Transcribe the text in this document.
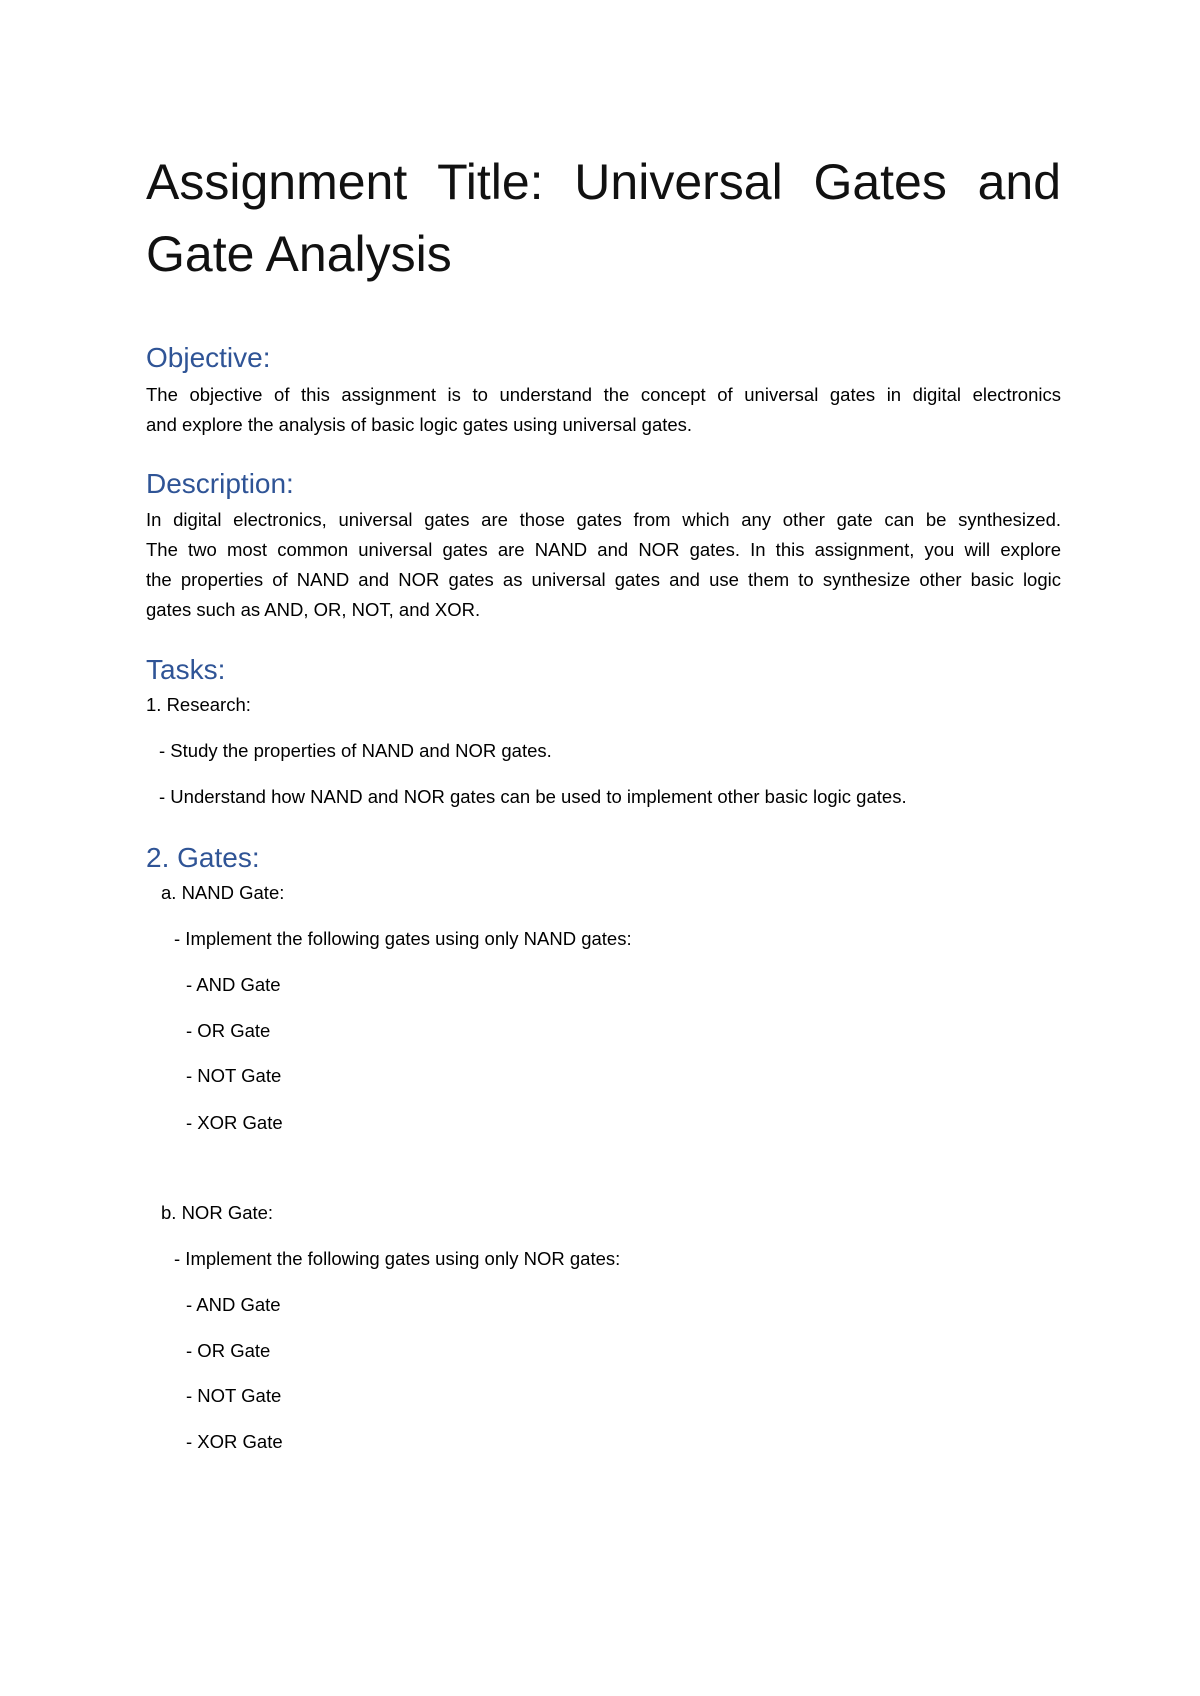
Assignment Title: Universal Gates and
Gate Analysis
Objective:
The objective of this assignment is to understand the concept of universal gates in digital electronics
and explore the analysis of basic logic gates using universal gates.
Description:
In digital electronics, universal gates are those gates from which any other gate can be synthesized.
The two most common universal gates are NAND and NOR gates. In this assignment, you will explore
the properties of NAND and NOR gates as universal gates and use them to synthesize other basic logic
gates such as AND, OR, NOT, and XOR.
Tasks:
1. Research:
- Study the properties of NAND and NOR gates.
- Understand how NAND and NOR gates can be used to implement other basic logic gates.
2. Gates:
a. NAND Gate:
- Implement the following gates using only NAND gates:
- AND Gate
- OR Gate
- NOT Gate
- XOR Gate
b. NOR Gate:
- Implement the following gates using only NOR gates:
- AND Gate
- OR Gate
- NOT Gate
- XOR Gate
